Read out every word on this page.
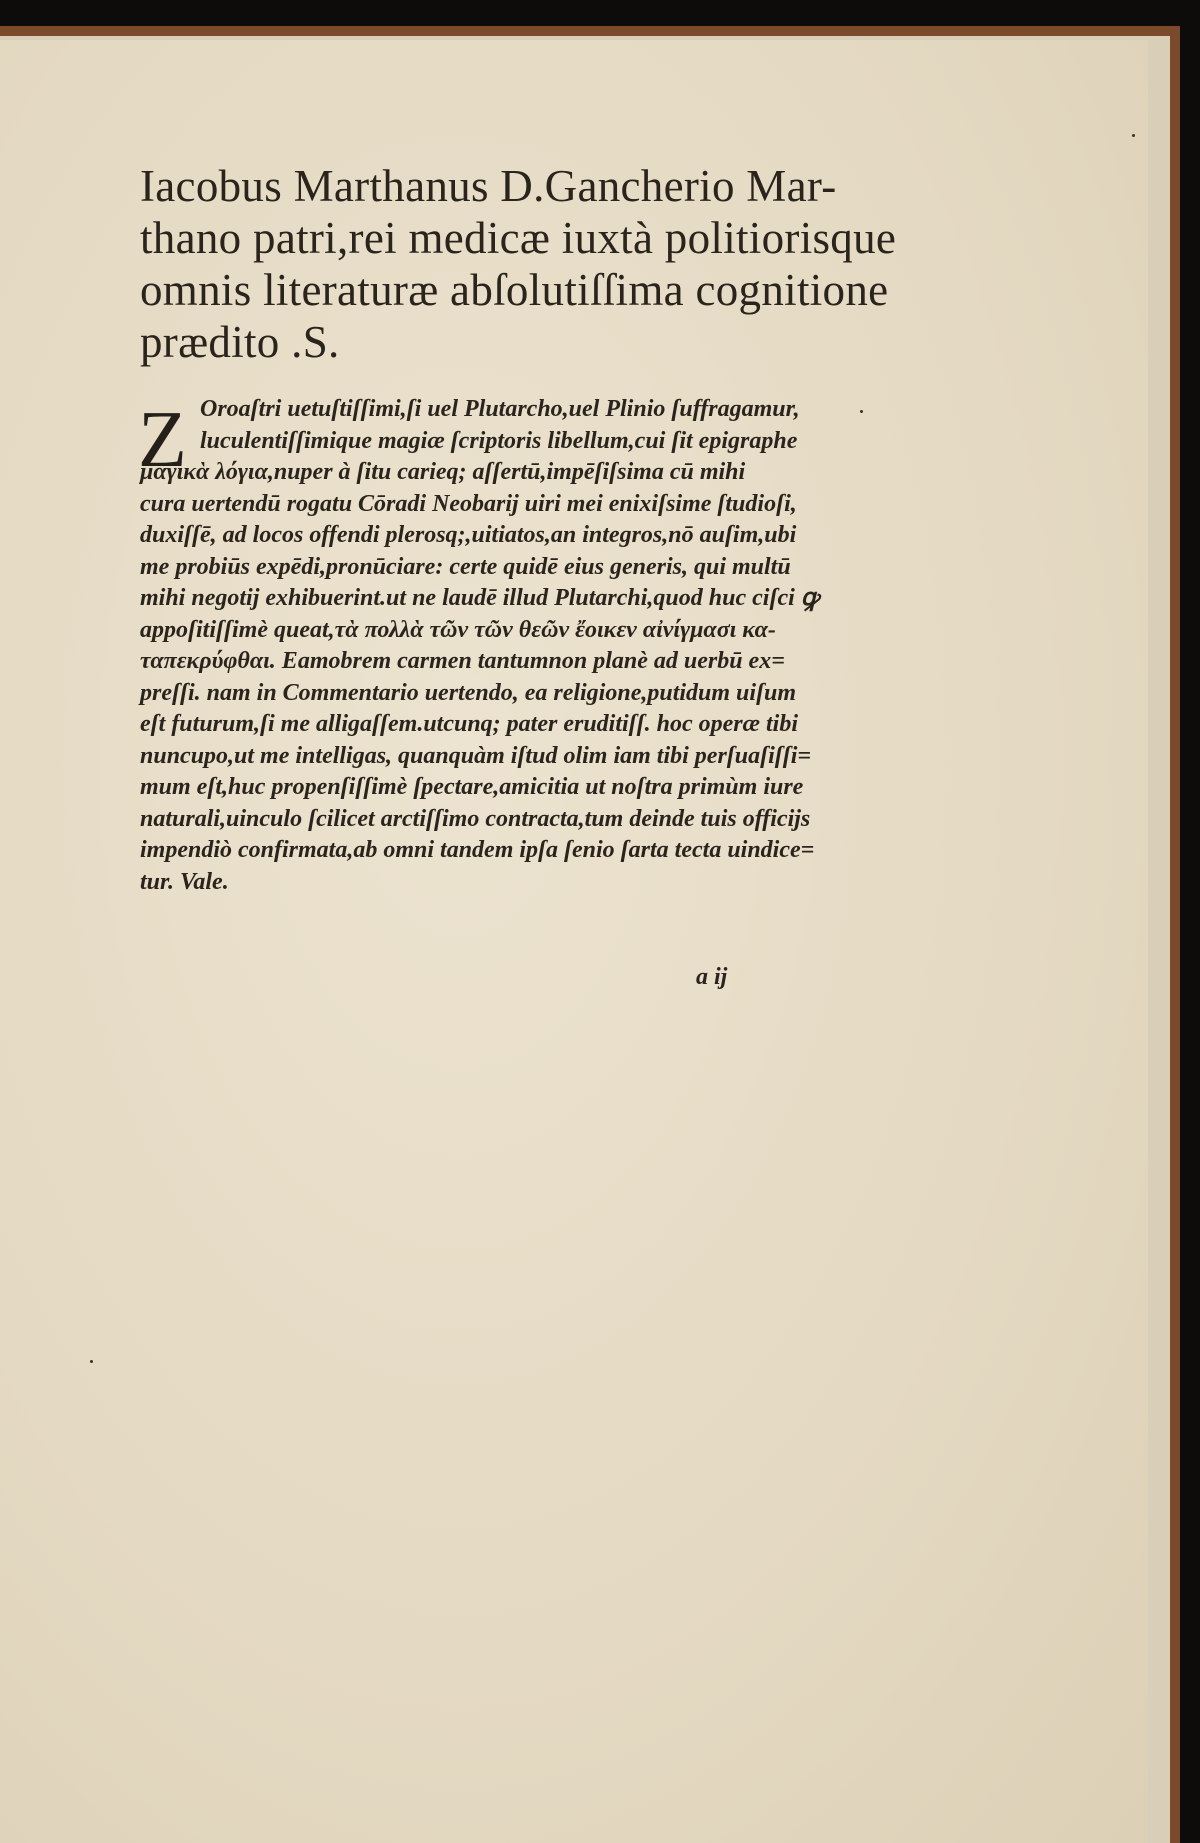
Iacobus Marthanus D.Gancherio Mar-
thano patri,rei medicæ iuxtà politiorisque
omnis literaturæ abſolutiſſima cognitione
prædito .S.
Z Oroaſtri uetuſtiſſimi,ſi uel Plutarcho,uel Plinio ſuffragamur,
luculentiſſimique magiæ ſcriptoris libellum,cui ſit epigraphe
μαγικὰ λόγια,nuper à ſitu carieq; aſſertū,impēſiſsima cū mihi
cura uertendū rogatu Cōradi Neobarij uiri mei enixiſsime ſtudioſi,
duxiſſē, ad locos offendi plerosq;,uitiatos,an integros,nō auſim,ubi
me probiūs expēdi,pronūciare: certe quidē eius generis, qui multū
mihi negotij exhibuerint.ut ne laudē illud Plutarchi,quod huc ciſci ꝙ
appoſitiſſimè queat,τὰ πολλὰ τῶν τῶν θεῶν ἔοικεν αἰνίγμασι κα-
ταπεκρύφθαι. Eamobrem carmen tantumnon planè ad uerbū ex=
preſſi. nam in Commentario uertendo, ea religione,putidum uiſum
eſt futurum,ſi me alligaſſem.utcunq; pater eruditiſſ. hoc operæ tibi
nuncupo,ut me intelligas, quanquàm iſtud olim iam tibi perſuaſiſſi=
mum eſt,huc propenſiſſimè ſpectare,amicitia ut noſtra primùm iure
naturali,uinculo ſcilicet arctiſſimo contracta,tum deinde tuis officijs
impendiò confirmata,ab omni tandem ipſa ſenio ſarta tecta uindice=
tur. Vale.
a ij
